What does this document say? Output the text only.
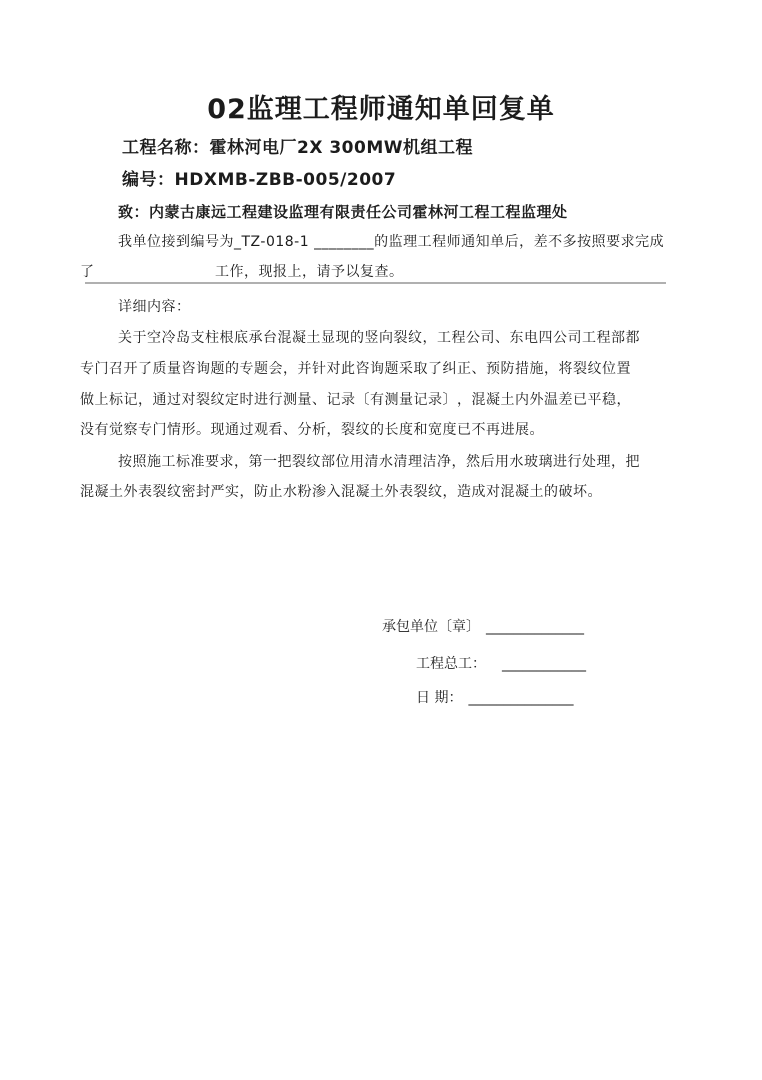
02监理工程师通知单回复单
工程名称：霍林河电厂2X 300MW机组工程
编号：HDXMB-ZBB-005/2007
致：内蒙古康远工程建设监理有限责任公司霍林河工程工程监理处
我单位接到编号为_TZ-018-1 ________的监理工程师通知单后，差不多按照要求完成
了	工作，现报上，请予以复查。
详细内容：
关于空冷岛支柱根底承台混凝土显现的竖向裂纹，工程公司、东电四公司工程部都
专门召开了质量咨询题的专题会，并针对此咨询题采取了纠正、预防措施，将裂纹位置
做上标记，通过对裂纹定时进行测量、记录〔有测量记录〕 ，混凝土内外温差已平稳，
没有觉察专门情形。现通过观看、分析，裂纹的长度和宽度已不再进展。
按照施工标准要求，第一把裂纹部位用清水清理洁净，然后用水玻璃进行处理，把
混凝土外表裂纹密封严实，防止水粉渗入混凝土外表裂纹，造成对混凝土的破坏。
承包单位〔章〕 ______________
工程总工： ____________
日 期： _______________
